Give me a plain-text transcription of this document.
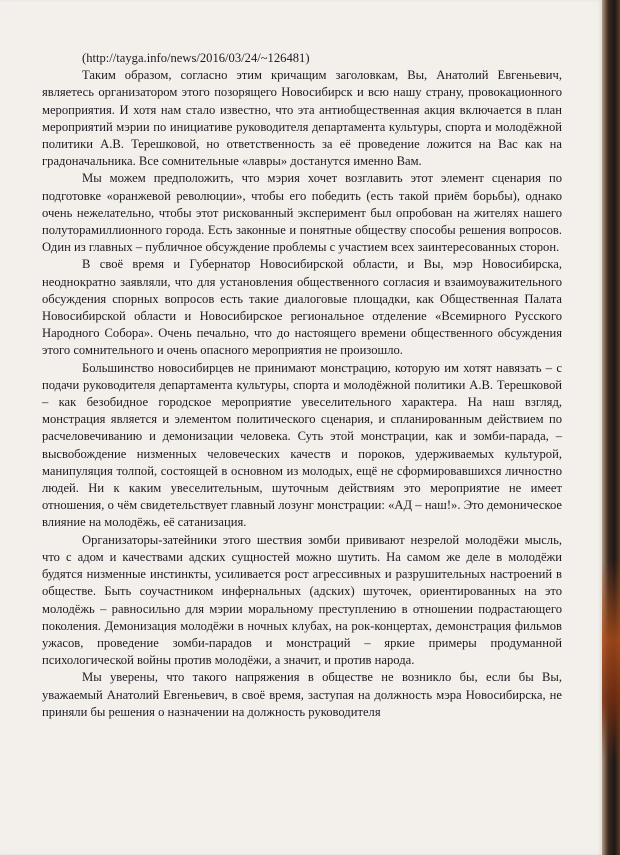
(http://tayga.info/news/2016/03/24/~126481)

Таким образом, согласно этим кричащим заголовкам, Вы, Анатолий Евгеньевич, являетесь организатором этого позорящего Новосибирск и всю нашу страну, провокационного мероприятия. И хотя нам стало известно, что эта антиобщественная акция включается в план мероприятий мэрии по инициативе руководителя департамента культуры, спорта и молодёжной политики А.В. Терешковой, но ответственность за её проведение ложится на Вас как на градоначальника. Все сомнительные «лавры» достанутся именно Вам.

Мы можем предположить, что мэрия хочет возглавить этот элемент сценария по подготовке «оранжевой революции», чтобы его победить (есть такой приём борьбы), однако очень нежелательно, чтобы этот рискованный эксперимент был опробован на жителях нашего полуторамиллионного города. Есть законные и понятные обществу способы решения вопросов. Один из главных – публичное обсуждение проблемы с участием всех заинтересованных сторон.

В своё время и Губернатор Новосибирской области, и Вы, мэр Новосибирска, неоднократно заявляли, что для установления общественного согласия и взаимоуважительного обсуждения спорных вопросов есть такие диалоговые площадки, как Общественная Палата Новосибирской области и Новосибирское региональное отделение «Всемирного Русского Народного Собора». Очень печально, что до настоящего времени общественного обсуждения этого сомнительного и очень опасного мероприятия не произошло.

Большинство новосибирцев не принимают монстрацию, которую им хотят навязать – с подачи руководителя департамента культуры, спорта и молодёжной политики А.В. Терешковой – как безобидное городское мероприятие увеселительного характера. На наш взгляд, монстрация является и элементом политического сценария, и спланированным действием по расчеловечиванию и демонизации человека. Суть этой монстрации, как и зомби-парада, – высвобождение низменных человеческих качеств и пороков, удерживаемых культурой, манипуляция толпой, состоящей в основном из молодых, ещё не сформировавшихся личностно людей. Ни к каким увеселительным, шуточным действиям это мероприятие не имеет отношения, о чём свидетельствует главный лозунг монстрации: «АД – наш!». Это демоническое влияние на молодёжь, её сатанизация.

Организаторы-затейники этого шествия зомби прививают незрелой молодёжи мысль, что с адом и качествами адских сущностей можно шутить. На самом же деле в молодёжи будятся низменные инстинкты, усиливается рост агрессивных и разрушительных настроений в обществе. Быть соучастником инфернальных (адских) шуточек, ориентированных на это молодёжь – равносильно для мэрии моральному преступлению в отношении подрастающего поколения. Демонизация молодёжи в ночных клубах, на рок-концертах, демонстрация фильмов ужасов, проведение зомби-парадов и монстраций – яркие примеры продуманной психологической войны против молодёжи, а значит, и против народа.

Мы уверены, что такого напряжения в обществе не возникло бы, если бы Вы, уважаемый Анатолий Евгеньевич, в своё время, заступая на должность мэра Новосибирска, не приняли бы решения о назначении на должность руководителя
